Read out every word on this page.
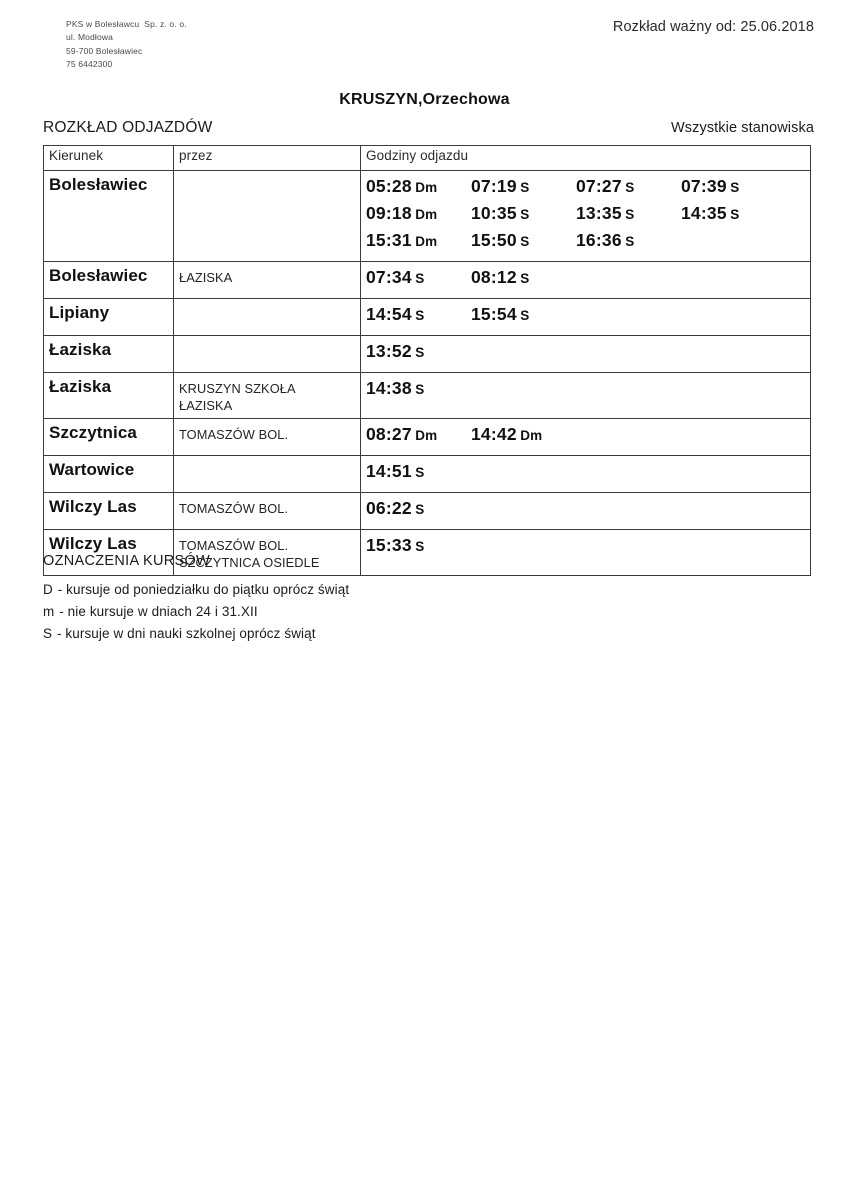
PKS w Bolesławcu  Sp. z. o. o.
ul. Modłowa
59-700 Bolesławiec
75 6442300
Rozkład ważny od: 25.06.2018
KRUSZYN,Orzechowa
ROZKŁAD ODJAZDÓW	Wszystkie stanowiska
Kierunek	przez	Godziny odjazdu
Bolesławiec		05:28 Dm 07:19 S 07:27 S 07:39 S
09:18 Dm 10:35 S 13:35 S 14:35 S
15:31 Dm 15:50 S 16:36 S

Bolesławiec	ŁAZISKA	07:34 S 08:12 S

Lipiany		14:54 S 15:54 S

Łaziska		13:52 S

Łaziska	KRUSZYN SZKOŁA
ŁAZISKA	14:38 S

Szczytnica	TOMASZÓW BOL.	08:27 Dm 14:42 Dm

Wartowice		14:51 S

Wilczy Las	TOMASZÓW BOL.	06:22 S

Wilczy Las	TOMASZÓW BOL.
SZCZYTNICA OSIEDLE	15:33 S
OZNACZENIA KURSÓW
D - kursuje od poniedziałku do piątku oprócz świąt
m - nie kursuje w dniach 24 i 31.XII
S - kursuje w dni nauki szkolnej oprócz świąt
